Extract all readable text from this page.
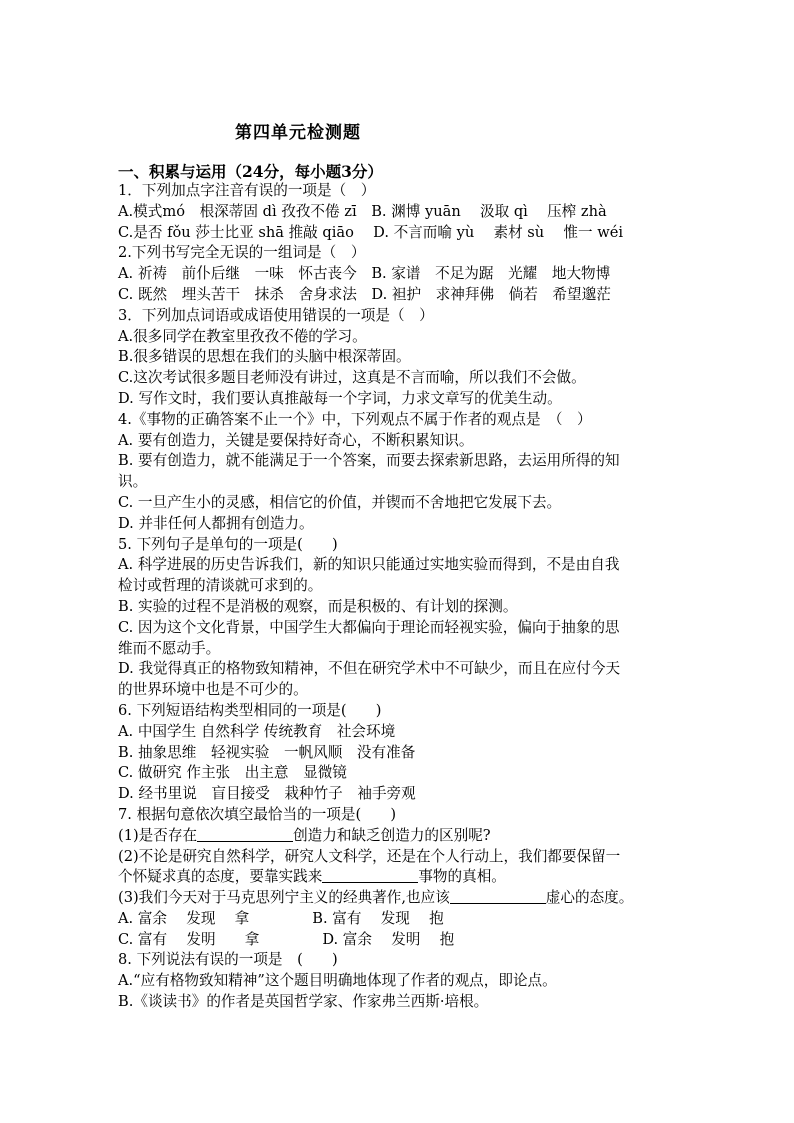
第四单元检测题
一、积累与运用（24分，每小题3分）
1．下列加点字注音有误的一项是（　）
A.模式mó　根深蒂固 dì 孜孜不倦 zī　B. 渊博 yuān　 汲取 qì　 压榨 zhà
C.是否 fǒu 莎士比亚 shā 推敲 qiāo　 D. 不言而喻 yù　 素材 sù　 惟一 wéi
2.下列书写完全无误的一组词是（　）
A. 祈祷　前仆后继　一味　怀古丧今　B. 家谱　不足为踞　光耀　地大物博
C. 既然　埋头苦干　抹杀　舍身求法　D. 袒护　求神拜佛　倘若　希望邈茫
3．下列加点词语或成语使用错误的一项是（　）
A.很多同学在教室里孜孜不倦的学习。
B.很多错误的思想在我们的头脑中根深蒂固。
C.这次考试很多题目老师没有讲过，这真是不言而喻，所以我们不会做。
D. 写作文时，我们要认真推敲每一个字词，力求文章写的优美生动。
4.《事物的正确答案不止一个》中，下列观点不属于作者的观点是　（　）
A. 要有创造力，关键是要保持好奇心，不断积累知识。
B. 要有创造力，就不能满足于一个答案，而要去探索新思路，去运用所得的知
识。
C. 一旦产生小的灵感，相信它的价值，并锲而不舍地把它发展下去。
D. 并非任何人都拥有创造力。
5. 下列句子是单句的一项是(　　)
A. 科学进展的历史告诉我们，新的知识只能通过实地实验而得到，不是由自我
检讨或哲理的清谈就可求到的。
B. 实验的过程不是消极的观察，而是积极的、有计划的探测。
C. 因为这个文化背景，中国学生大都偏向于理论而轻视实验，偏向于抽象的思
维而不愿动手。
D. 我觉得真正的格物致知精神，不但在研究学术中不可缺少，而且在应付今天
的世界环境中也是不可少的。
6. 下列短语结构类型相同的一项是(　　)
A. 中国学生 自然科学 传统教育　社会环境
B. 抽象思维　轻视实验　一帆风顺　没有准备
C. 做研究 作主张　出主意　显微镜
D. 经书里说　盲目接受　栽种竹子　袖手旁观
7. 根据句意依次填空最恰当的一项是(　　)
(1)是否存在	创造力和缺乏创造力的区别呢?
(2)不论是研究自然科学，研究人文科学，还是在个人行动上，我们都要保留一
个怀疑求真的态度，要靠实践来	事物的真相。
(3)我们今天对于马克思列宁主义的经典著作,也应该	虚心的态度。
A. 富余　 发现　 拿　　　　 B. 富有　 发现　 抱
C. 富有　 发明　　拿　　　　 D. 富余　 发明　 抱
8. 下列说法有误的一项是　(　　)
A.“应有格物致知精神”这个题目明确地体现了作者的观点，即论点。
B.《谈读书》的作者是英国哲学家、作家弗兰西斯·培根。
